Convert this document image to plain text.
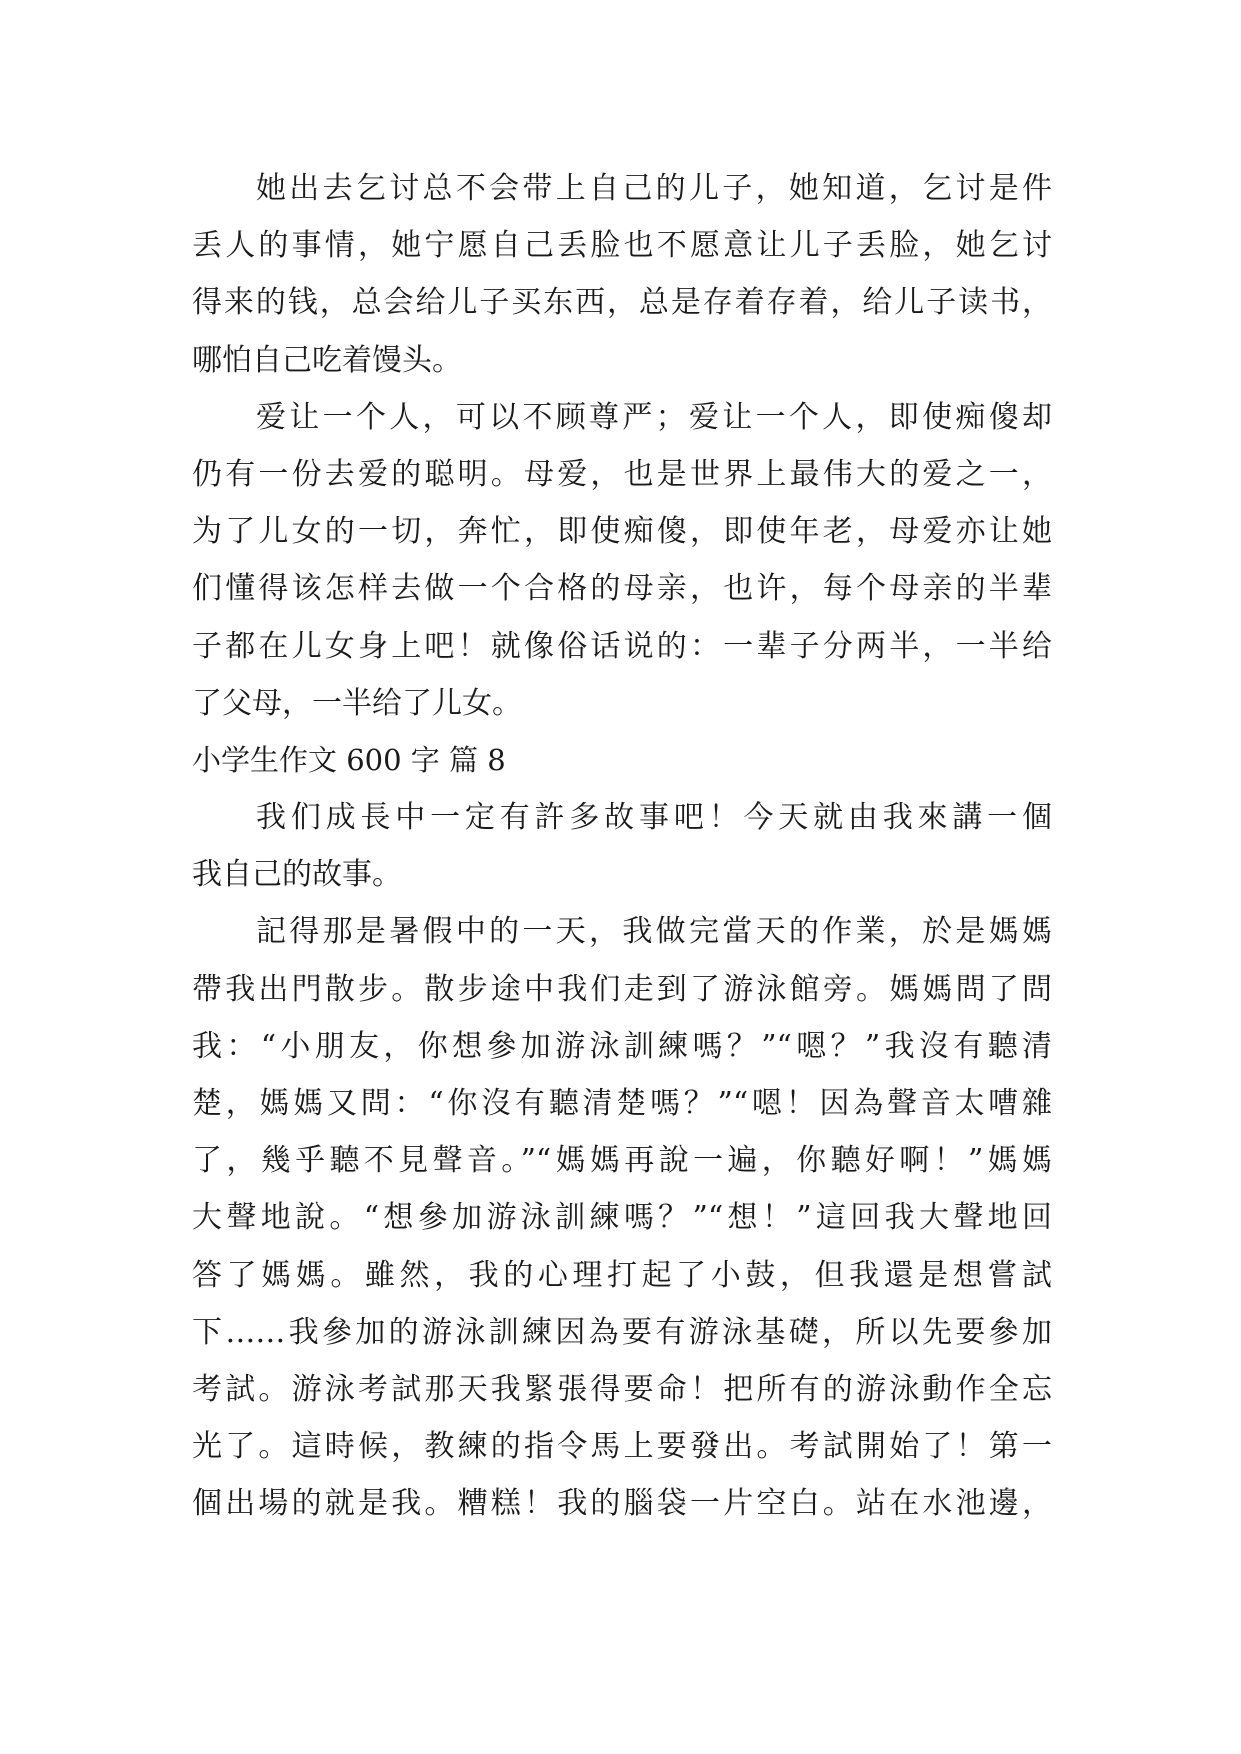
她出去乞讨总不会带上自己的儿子，她知道，乞讨是件
丢人的事情，她宁愿自己丢脸也不愿意让儿子丢脸，她乞讨
得来的钱，总会给儿子买东西，总是存着存着，给儿子读书，
哪怕自己吃着馒头。
爱让一个人，可以不顾尊严；爱让一个人，即使痴傻却
仍有一份去爱的聪明。母爱，也是世界上最伟大的爱之一，
为了儿女的一切，奔忙，即使痴傻，即使年老，母爱亦让她
们懂得该怎样去做一个合格的母亲，也许，每个母亲的半辈
子都在儿女身上吧！就像俗话说的：一辈子分两半，一半给
了父母，一半给了儿女。
小学生作文 600 字 篇 8
我们成長中一定有許多故事吧！今天就由我來講一個
我自己的故事。
記得那是暑假中的一天，我做完當天的作業，於是媽媽
帶我出門散步。散步途中我们走到了游泳館旁。媽媽問了問
我：“小朋友，你想參加游泳訓練嗎？”“嗯？”我沒有聽清
楚，媽媽又問：“你沒有聽清楚嗎？”“嗯！因為聲音太嘈雜
了，幾乎聽不見聲音。”“媽媽再說一遍，你聽好啊！”媽媽
大聲地說。“想參加游泳訓練嗎？”“想！”這回我大聲地回
答了媽媽。雖然，我的心理打起了小鼓，但我還是想嘗試
下……我參加的游泳訓練因為要有游泳基礎，所以先要參加
考試。游泳考試那天我緊張得要命！把所有的游泳動作全忘
光了。這時候，教練的指令馬上要發出。考試開始了！第一
個出場的就是我。糟糕！我的腦袋一片空白。站在水池邊，
